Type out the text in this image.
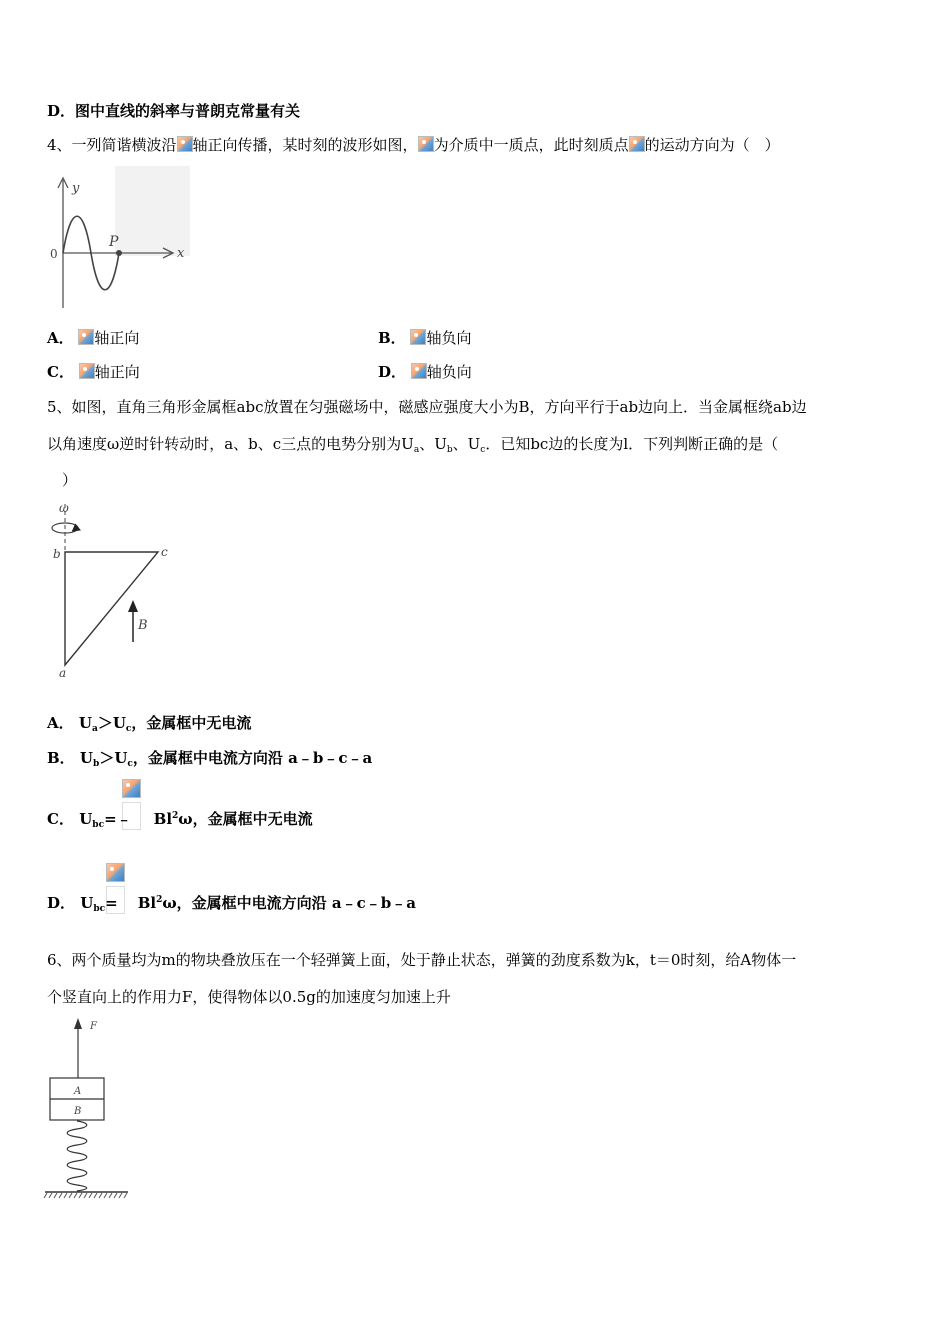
D．图中直线的斜率与普朗克常量有关
4、一列简谐横波沿 轴正向传播，某时刻的波形如图， 为介质中一质点，此时刻质点 的运动方向为（　）
y
x
0
P
A． 轴正向	B． 轴负向
C． 轴正向	D． 轴负向
5、如图，直角三角形金属框abc放置在匀强磁场中，磁感应强度大小为B，方向平行于ab边向上．当金属框绕ab边
以角速度ω逆时针转动时，a、b、c三点的电势分别为$U_a$、$U_b$、$U_c$．已知bc边的长度为l．下列判断正确的是（
）
ω
b	c
a
B
A． $U_a>U_c$，金属框中无电流
B． $U_b>U_c$，金属框中电流方向沿 a﹣b﹣c﹣a
C． $U_{bc}=﹣$ Bl$^2$ω，金属框中无电流
D． $U_{bc}= Bl^2\omega$，金属框中电流方向沿 a﹣c﹣b﹣a
6、两个质量均为m的物块叠放压在一个轻弹簧上面，处于静止状态，弹簧的劲度系数为k，t＝0时刻，给A物体一
个竖直向上的作用力F，使得物体以0.5g的加速度匀加速上升
F
A
B
